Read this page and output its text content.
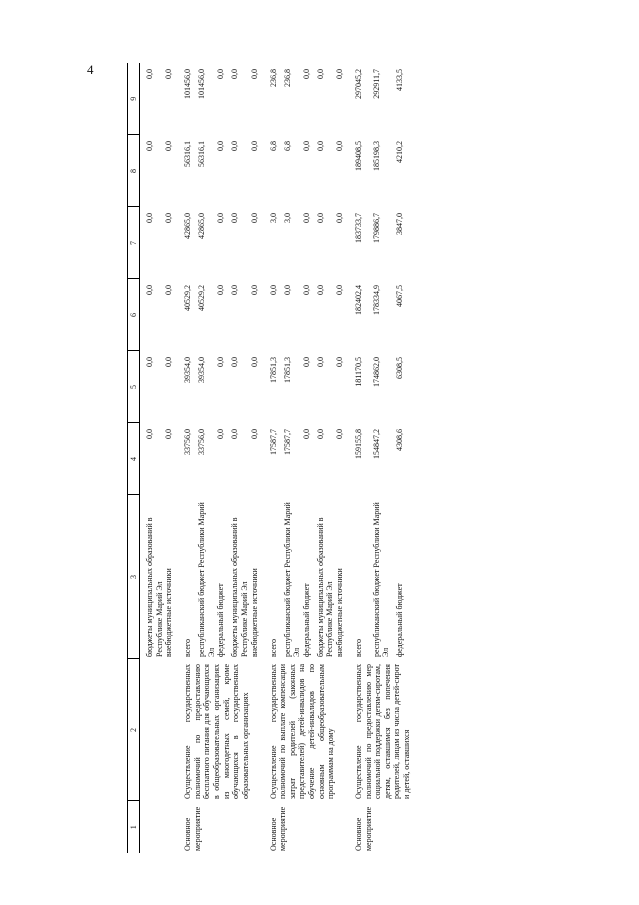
4
1	2	3	4	5	6	7	8	9
		бюджеты муниципальных образований в Республике Марий Эл	0,0	0,0	0,0	0,0	0,0	0,0
		внебюджетные источники	0,0	0,0	0,0	0,0	0,0	0,0
Основное мероприятие	Осуществление государственных полномочий по предоставлению бесплатного питания для обучающихся в общеобразовательных организациях из многодетных семей, кроме обучающихся в государственных образовательных организациях	всего	33756,0	39354,0	40529,2	42865,0	56316,1	101456,0
		республиканский бюджет Республики Марий Эл	33756,0	39354,0	40529,2	42865,0	56316,1	101456,0
		федеральный бюджет	0,0	0,0	0,0	0,0	0,0	0,0
		бюджеты муниципальных образований в Республике Марий Эл	0,0	0,0	0,0	0,0	0,0	0,0
		внебюджетные источники	0,0	0,0	0,0	0,0	0,0	0,0
Основное мероприятие	Осуществление государственных полномочий по выплате компенсации затрат родителей (законных представителей) детей-инвалидов на обучение детей-инвалидов по основным общеобразовательным программам на дому	всего	17587,7	17851,3	0,0	3,0	6,8	236,8
		республиканский бюджет Республики Марий Эл	17587,7	17851,3	0,0	3,0	6,8	236,8
		федеральный бюджет	0,0	0,0	0,0	0,0	0,0	0,0
		бюджеты муниципальных образований в Республике Марий Эл	0,0	0,0	0,0	0,0	0,0	0,0
		внебюджетные источники	0,0	0,0	0,0	0,0	0,0	0,0
Основное мероприятие	Осуществление государственных полномочий по предоставлению мер социальной поддержки детям-сиротам, детям, оставшимся без попечения родителей, лицам из числа детей-сирот и детей, оставшихся	всего	159155,8	181170,5	182402,4	183733,7	189408,5	297045,2
		республиканский бюджет Республики Марий Эл	154847,2	174862,0	178334,9	179886,7	185198,3	292911,7
		федеральный бюджет	4308,6	6308,5	4067,5	3847,0	4210,2	4133,5
